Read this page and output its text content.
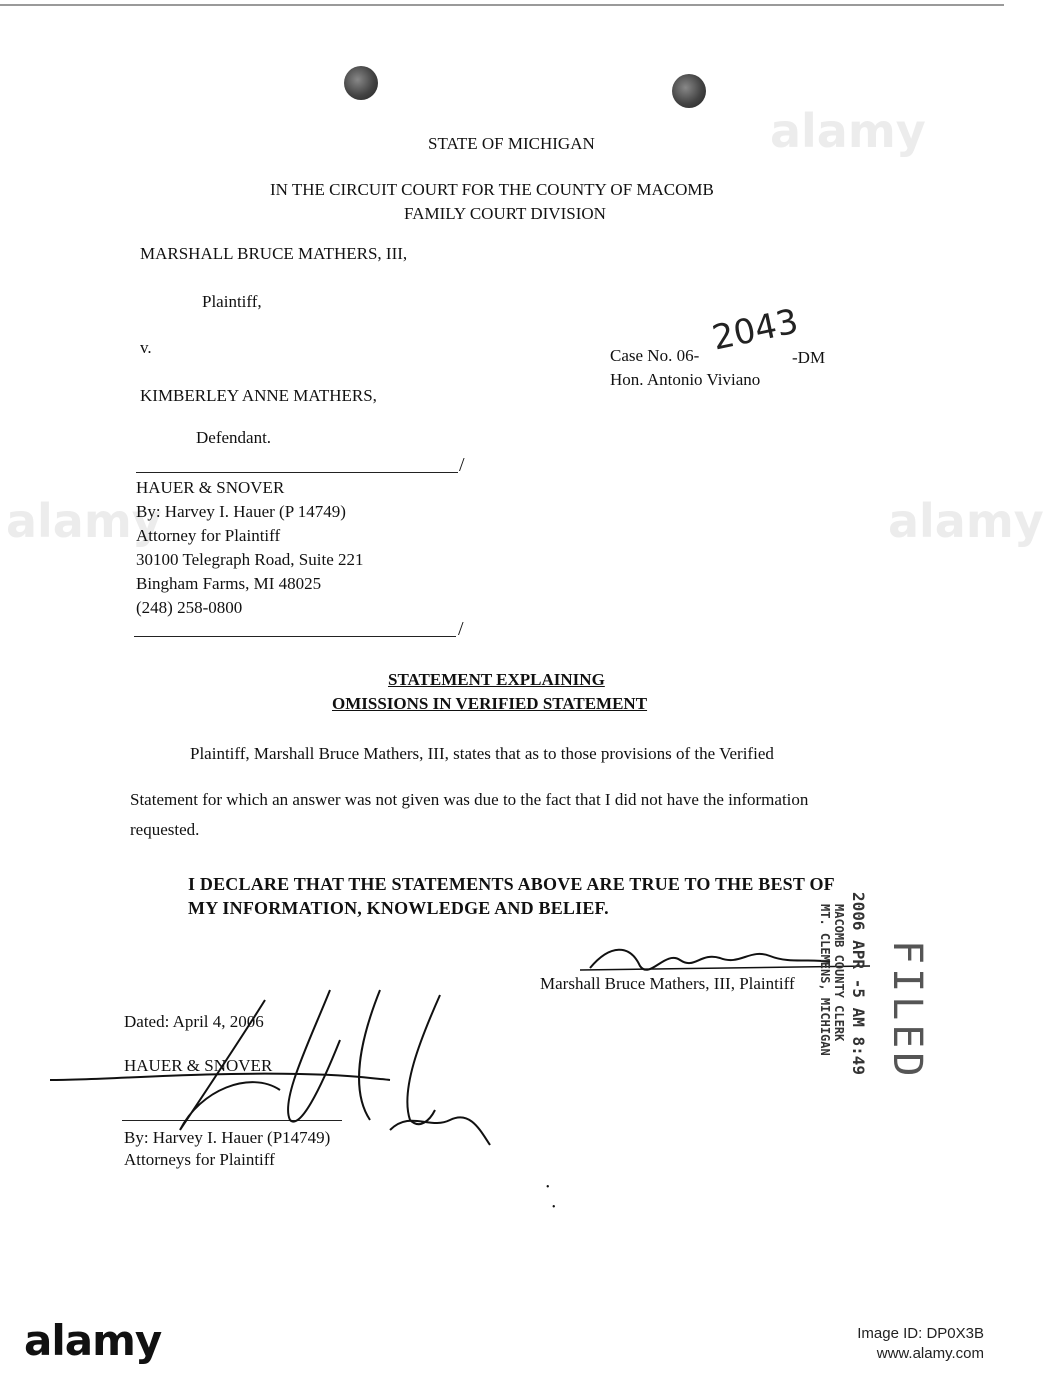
alamy	alamy
alamy
STATE OF MICHIGAN
IN THE CIRCUIT COURT FOR THE COUNTY OF MACOMB
FAMILY COURT DIVISION
MARSHALL BRUCE MATHERS, III,
Plaintiff,
v.
KIMBERLEY ANNE MATHERS,
Defendant.
Case No. 06- 2043
-DM
Hon. Antonio Viviano
/
HAUER & SNOVER
By: Harvey I. Hauer (P 14749)
Attorney for Plaintiff
30100 Telegraph Road, Suite 221
Bingham Farms, MI 48025
(248) 258-0800
/
STATEMENT EXPLAINING
OMISSIONS IN VERIFIED STATEMENT
Plaintiff, Marshall Bruce Mathers, III, states that as to those provisions of the Verified
Statement for which an answer was not given was due to the fact that I did not have the information
requested.
I DECLARE THAT THE STATEMENTS ABOVE ARE TRUE TO THE BEST OF
MY INFORMATION, KNOWLEDGE AND BELIEF.
Marshall Bruce Mathers, III, Plaintiff
Dated: April 4, 2006
HAUER & SNOVER
By: Harvey I. Hauer (P14749)
Attorneys for Plaintiff
2006 APR -5 AM 8:49
MACOMB COUNTY CLERK
MT. CLEMENS, MICHIGAN FILED
•
•
alamy	Image ID: DP0X3B
www.alamy.com
